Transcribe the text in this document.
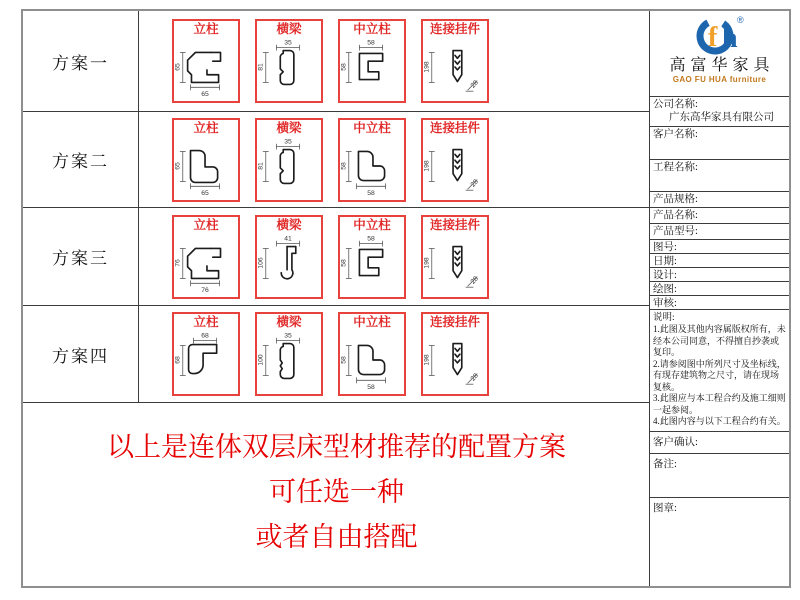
方案一
立柱
65
65
横梁
81
35
中立柱
58
58
连接挂件
198
28
方案二
立柱
65
65
横梁
81
35
中立柱
58
58
连接挂件
198
28
方案三
立柱
76
76
横梁
106
41
中立柱
58
58
连接挂件
198
28
方案四
立柱
68
68
横梁
100
35
中立柱
58
58
连接挂件
198
28
以上是连体双层床型材推荐的配置方案
可任选一种
或者自由搭配
f h
®
高富华家具
GAO FU HUA furniture
公司名称:
广东高华家具有限公司
客户名称:
工程名称:
产品规格:
产品名称:
产品型号:
图号:
日期:
设计:
绘图:
审核:
说明:
1.此图及其他内容属版权所有，未经本公司同意，不得擅自抄袭或复印。
2.请参阅图中所列尺寸及坐标线，有现存建筑物之尺寸，请在现场复核。
3.此图应与本工程合约及施工细则一起参阅。
4.此图内容与以下工程合约有关。
客户确认:
备注:
图章:
